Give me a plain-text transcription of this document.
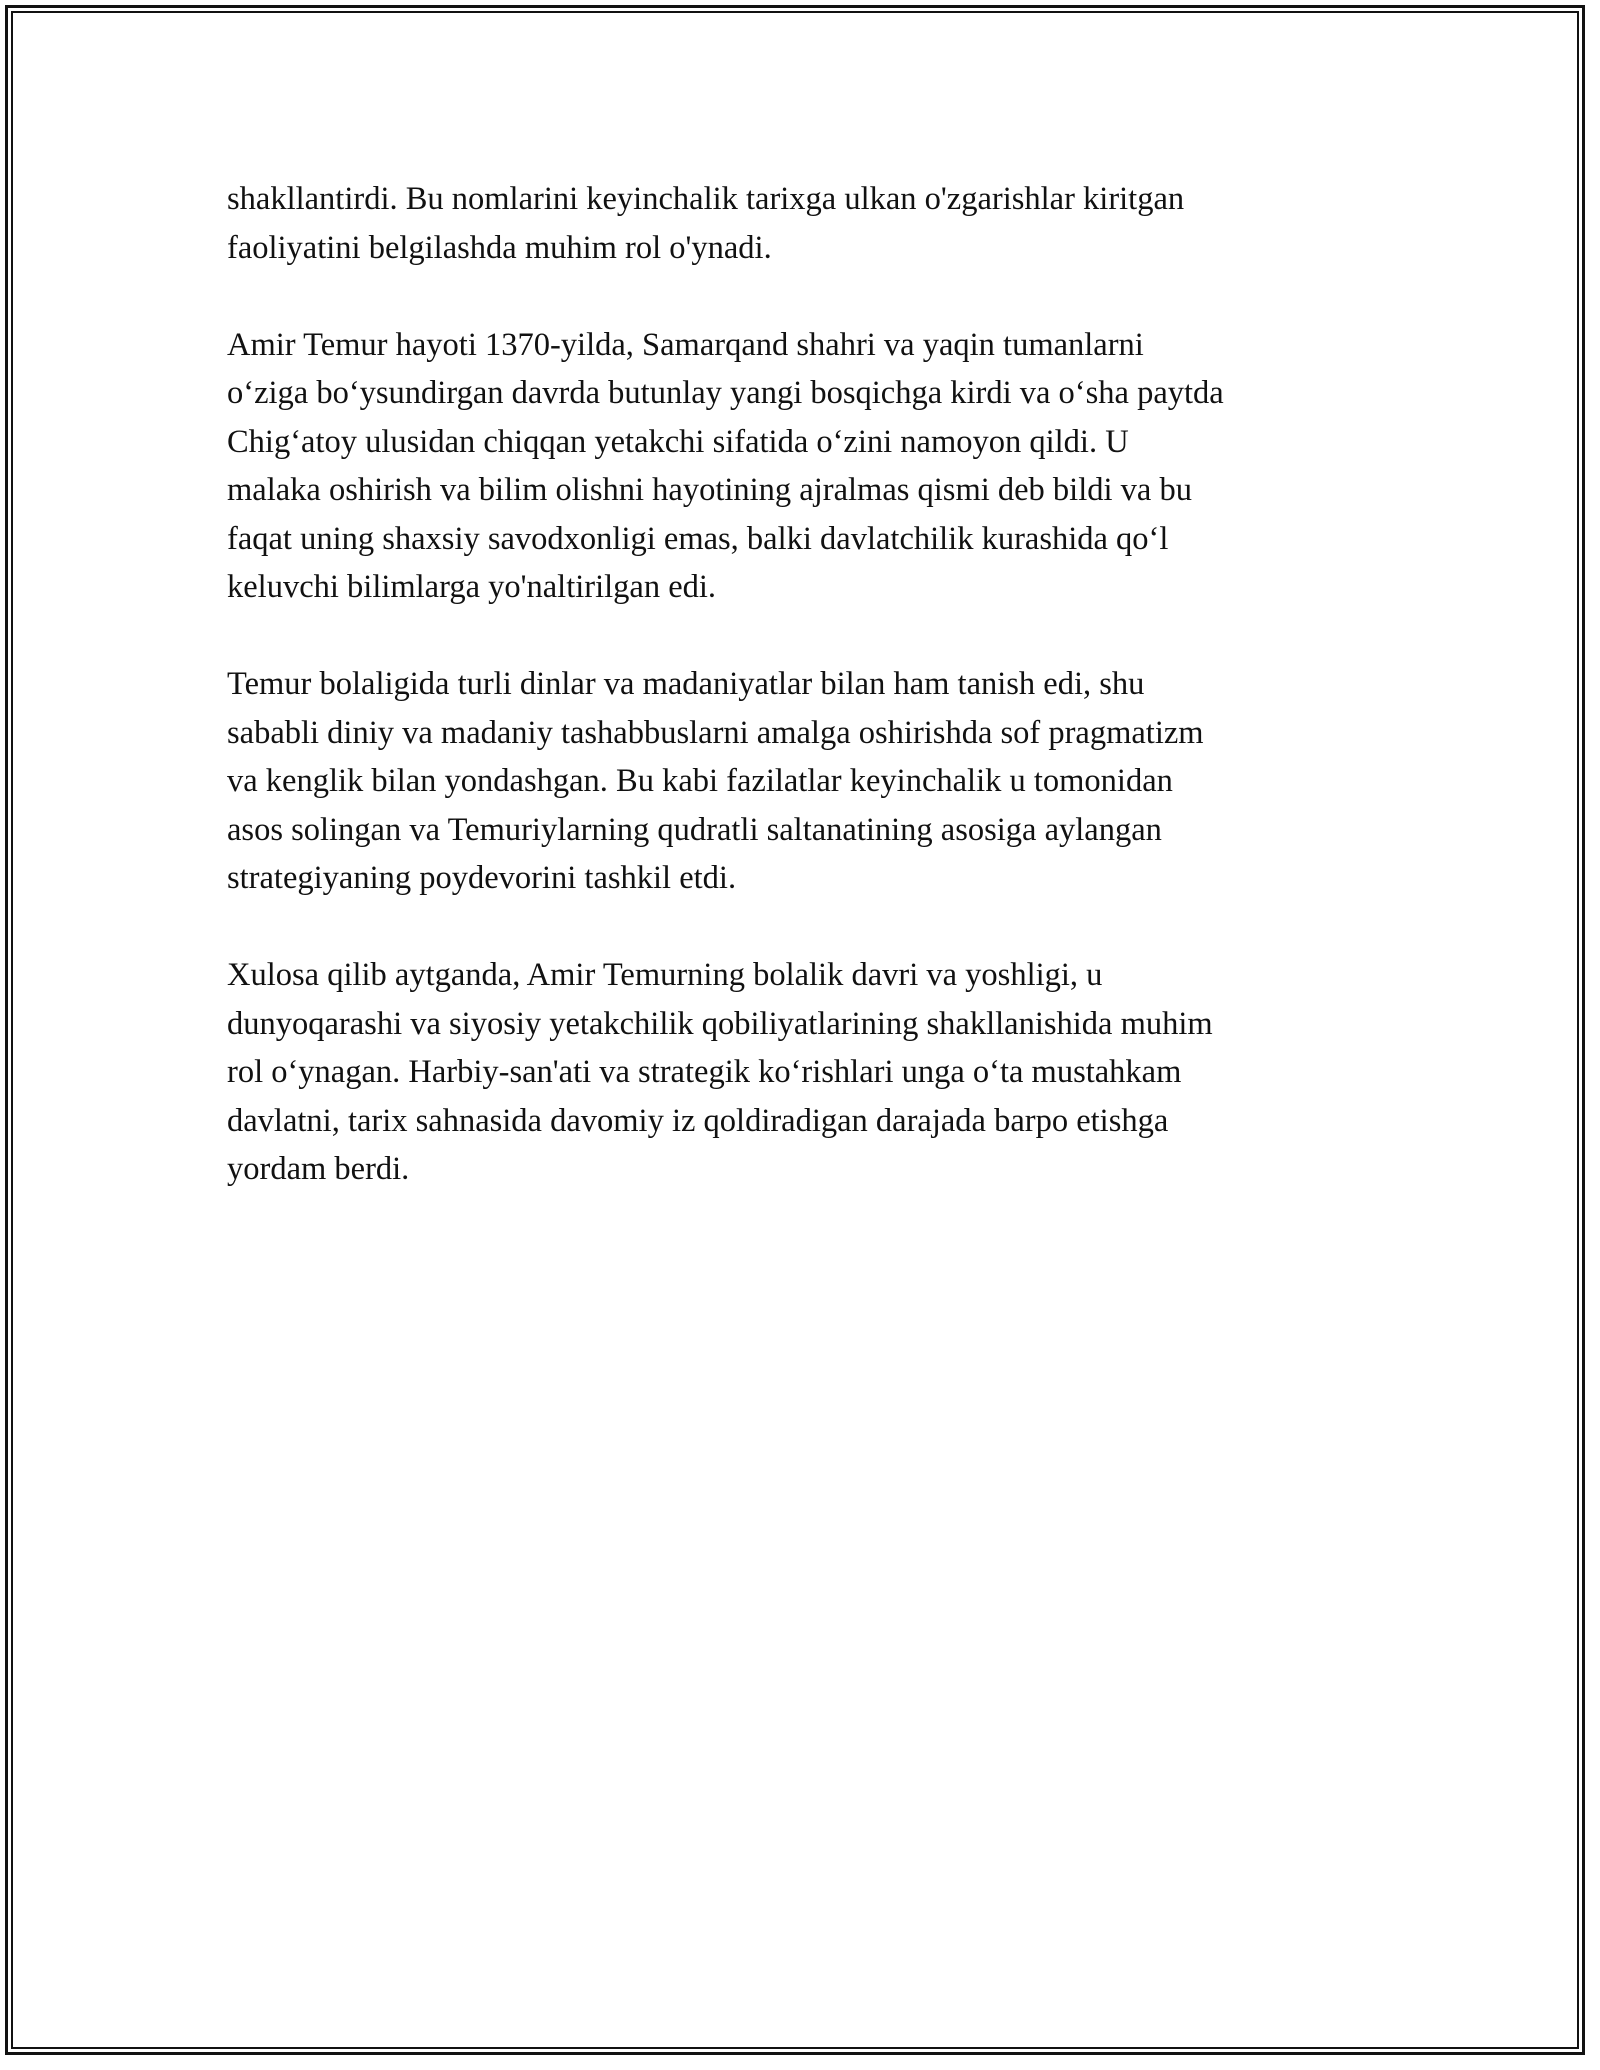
shakllantirdi. Bu nomlarini keyinchalik tarixga ulkan o'zgarishlar kiritgan
faoliyatini belgilashda muhim rol o'ynadi.

Amir Temur hayoti 1370-yilda, Samarqand shahri va yaqin tumanlarni
o‘ziga bo‘ysundirgan davrda butunlay yangi bosqichga kirdi va o‘sha paytda
Chig‘atoy ulusidan chiqqan yetakchi sifatida o‘zini namoyon qildi. U
malaka oshirish va bilim olishni hayotining ajralmas qismi deb bildi va bu
faqat uning shaxsiy savodxonligi emas, balki davlatchilik kurashida qo‘l
keluvchi bilimlarga yo'naltirilgan edi.

Temur bolaligida turli dinlar va madaniyatlar bilan ham tanish edi, shu
sababli diniy va madaniy tashabbuslarni amalga oshirishda sof pragmatizm
va kenglik bilan yondashgan. Bu kabi fazilatlar keyinchalik u tomonidan
asos solingan va Temuriylarning qudratli saltanatining asosiga aylangan
strategiyaning poydevorini tashkil etdi.

Xulosa qilib aytganda, Amir Temurning bolalik davri va yoshligi, u
dunyoqarashi va siyosiy yetakchilik qobiliyatlarining shakllanishida muhim
rol o‘ynagan. Harbiy-san'ati va strategik ko‘rishlari unga o‘ta mustahkam
davlatni, tarix sahnasida davomiy iz qoldiradigan darajada barpo etishga
yordam berdi.
